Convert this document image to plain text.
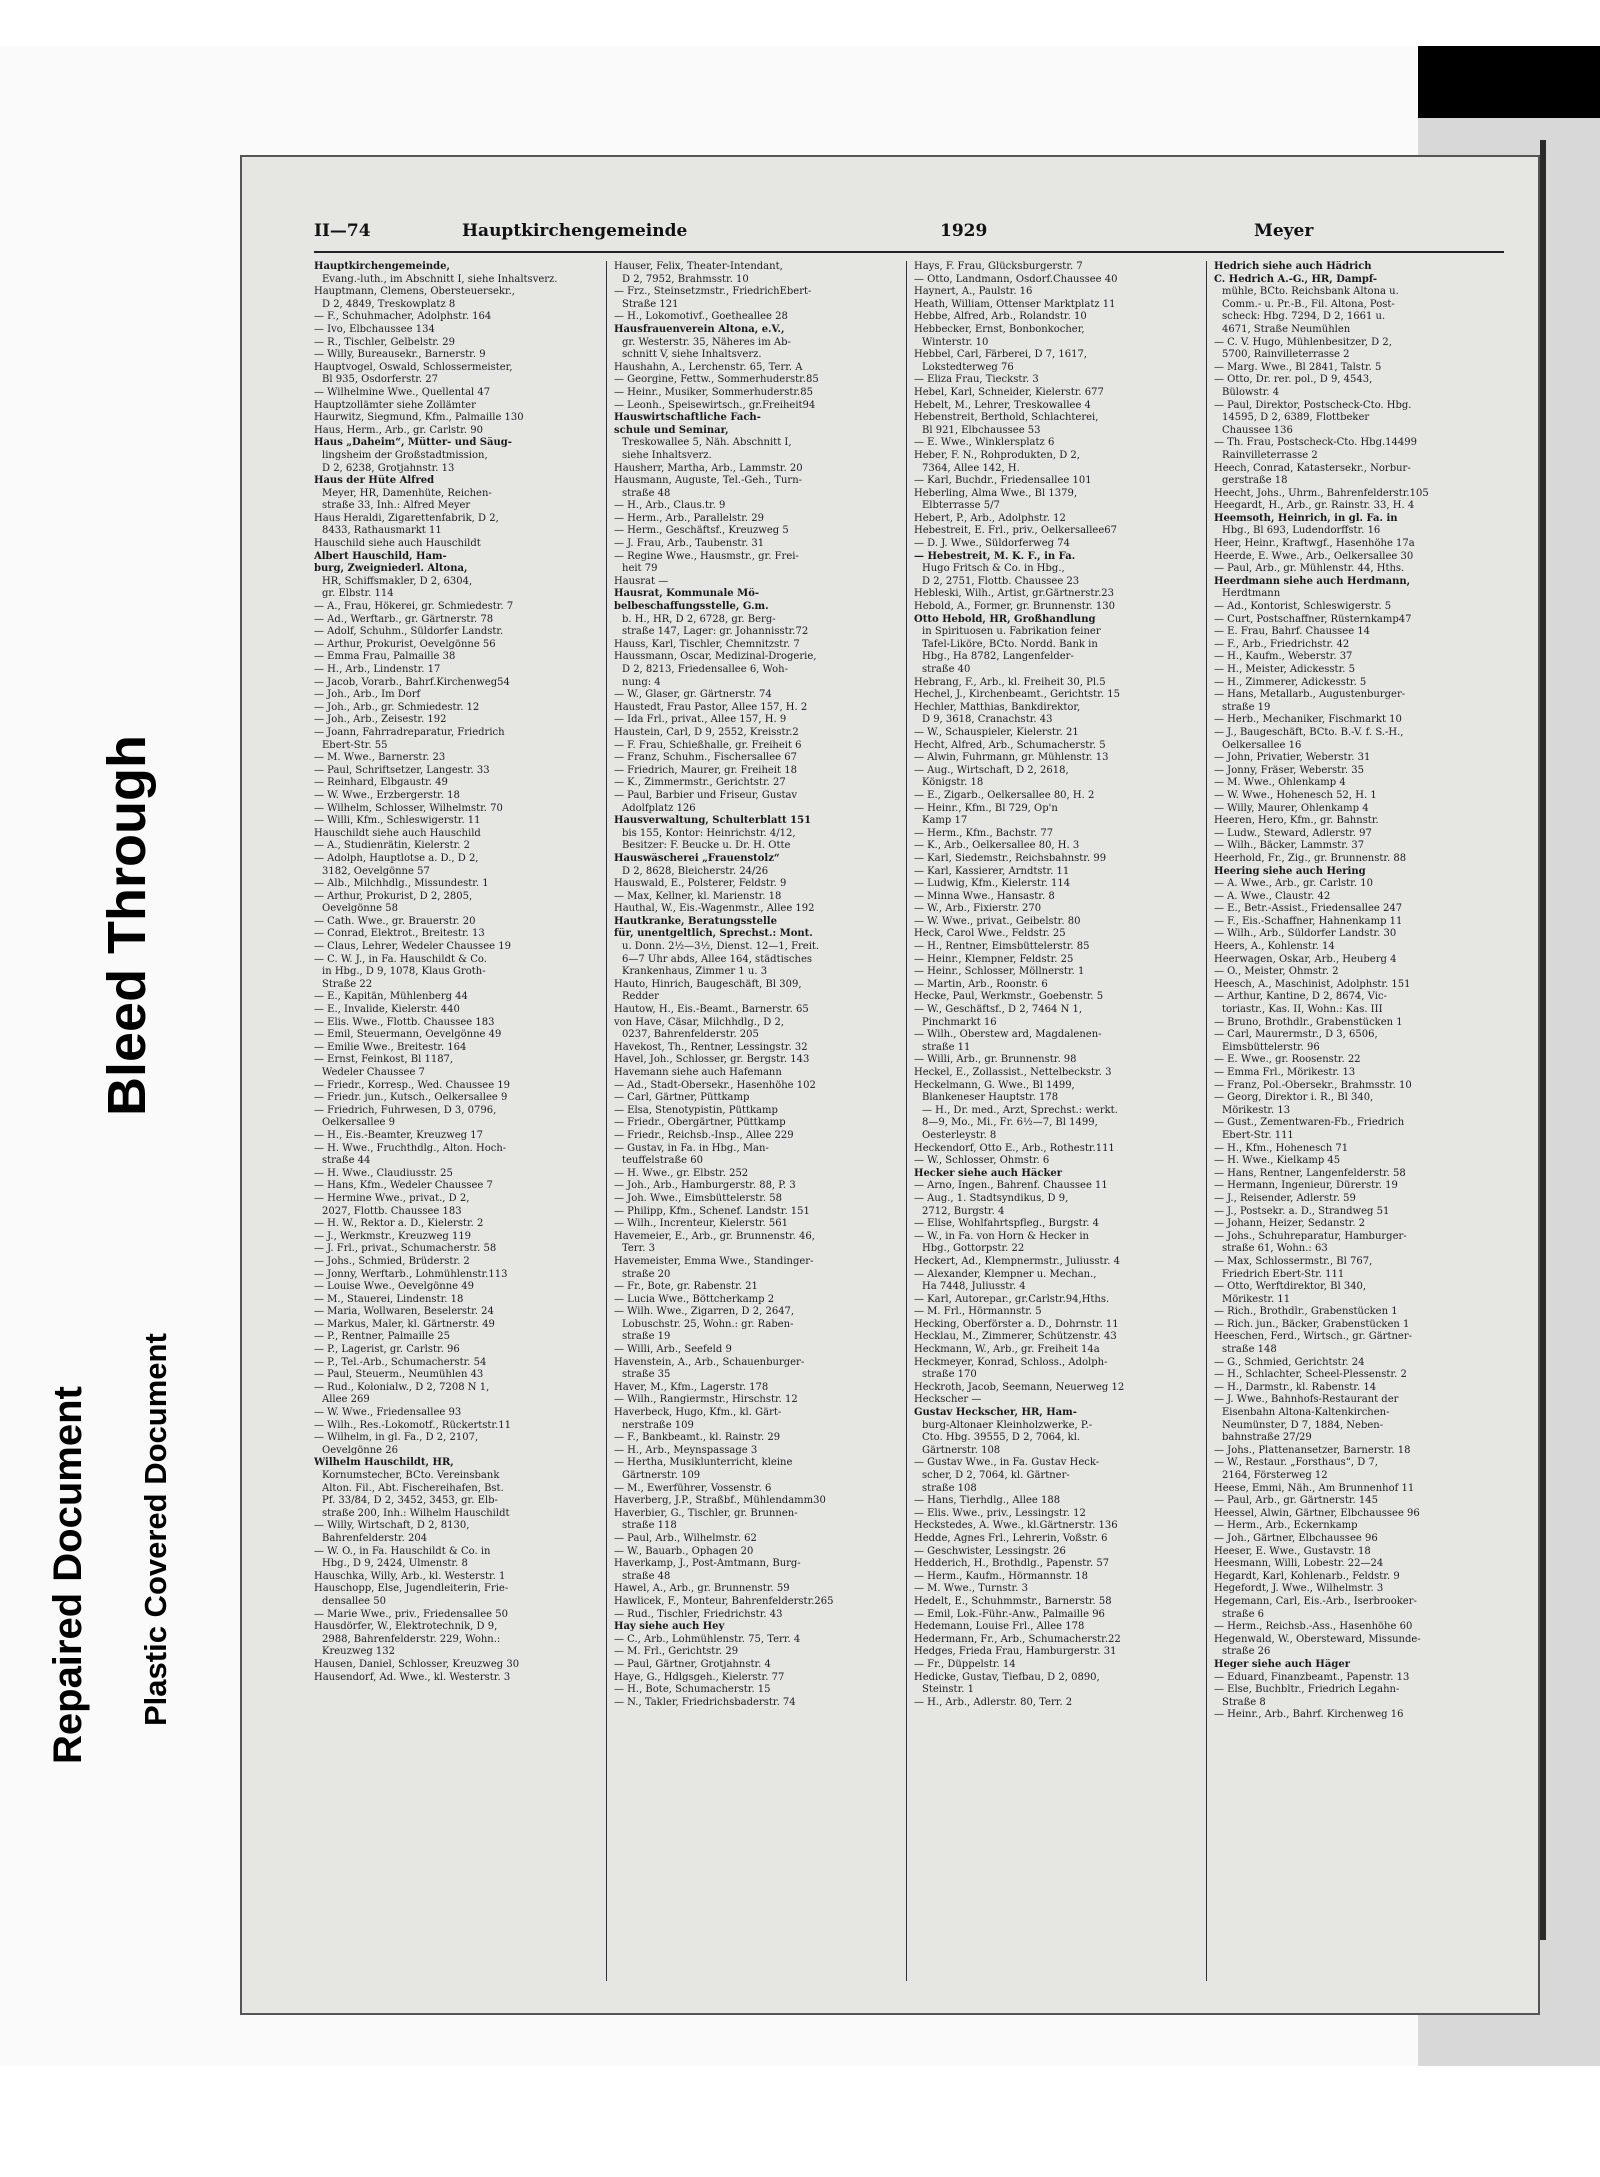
Repaired Document Plastic Covered Document
Bleed Through
II—74	Hauptkirchengemeinde	1929	Meyer
Hauptkirchengemeinde,
Evang.-luth., im Abschnitt I, siehe Inhaltsverz.
Hauptmann, Clemens, Obersteuersekr.,
D 2, 4849, Treskowplatz 8
— F., Schuhmacher, Adolphstr. 164
— Ivo, Elbchaussee 134
— R., Tischler, Gelbelstr. 29
— Willy, Bureausekr., Barnerstr. 9
Hauptvogel, Oswald, Schlossermeister,
Bl 935, Osdorferstr. 27
— Wilhelmine Wwe., Quellental 47
Hauptzollämter siehe Zollämter
Haurwitz, Siegmund, Kfm., Palmaille 130
Haus, Herm., Arb., gr. Carlstr. 90
Haus „Daheim“, Mütter- und Säug-
lingsheim der Großstadtmission,
D 2, 6238, Grotjahnstr. 13
Haus der Hüte Alfred
Meyer, HR, Damenhüte, Reichen-
straße 33, Inh.: Alfred Meyer
Haus Heraldi, Zigarettenfabrik, D 2,
8433, Rathausmarkt 11
Hauschild siehe auch Hauschildt
Albert Hauschild, Ham-
burg, Zweigniederl. Altona,
HR, Schiffsmakler, D 2, 6304,
gr. Elbstr. 114
— A., Frau, Hökerei, gr. Schmiedestr. 7
— Ad., Werftarb., gr. Gärtnerstr. 78
— Adolf, Schuhm., Süldorfer Landstr.
— Arthur, Prokurist, Oevelgönne 56
— Emma Frau, Palmaille 38
— H., Arb., Lindenstr. 17
— Jacob, Vorarb., Bahrf.Kirchenweg54
— Joh., Arb., Im Dorf
— Joh., Arb., gr. Schmiedestr. 12
— Joh., Arb., Zeisestr. 192
— Joann, Fahrradreparatur, Friedrich
Ebert-Str. 55
— M. Wwe., Barnerstr. 23
— Paul, Schriftsetzer, Langestr. 33
— Reinhard, Elbgaustr. 49
— W. Wwe., Erzbergerstr. 18
— Wilhelm, Schlosser, Wilhelmstr. 70
— Willi, Kfm., Schleswigerstr. 11
Hauschildt siehe auch Hauschild
— A., Studienrätin, Kielerstr. 2
— Adolph, Hauptlotse a. D., D 2,
3182, Oevelgönne 57
— Alb., Milchhdlg., Missundestr. 1
— Arthur, Prokurist, D 2, 2805,
Oevelgönne 58
— Cath. Wwe., gr. Brauerstr. 20
— Conrad, Elektrot., Breitestr. 13
— Claus, Lehrer, Wedeler Chaussee 19
— C. W. J., in Fa. Hauschildt & Co.
in Hbg., D 9, 1078, Klaus Groth-
Straße 22
— E., Kapitän, Mühlenberg 44
— E., Invalide, Kielerstr. 440
— Elis. Wwe., Flottb. Chaussee 183
— Emil, Steuermann, Oevelgönne 49
— Emilie Wwe., Breitestr. 164
— Ernst, Feinkost, Bl 1187,
Wedeler Chaussee 7
— Friedr., Korresp., Wed. Chaussee 19
— Friedr. jun., Kutsch., Oelkersallee 9
— Friedrich, Fuhrwesen, D 3, 0796,
Oelkersallee 9
— H., Eis.-Beamter, Kreuzweg 17
— H. Wwe., Fruchthdlg., Alton. Hoch-
straße 44
— H. Wwe., Claudiusstr. 25
— Hans, Kfm., Wedeler Chaussee 7
— Hermine Wwe., privat., D 2,
2027, Flottb. Chaussee 183
— H. W., Rektor a. D., Kielerstr. 2
— J., Werkmstr., Kreuzweg 119
— J. Frl., privat., Schumacherstr. 58
— Johs., Schmied, Brüderstr. 2
— Jonny, Werftarb., Lohmühlenstr.113
— Louise Wwe., Oevelgönne 49
— M., Stauerei, Lindenstr. 18
— Maria, Wollwaren, Beselerstr. 24
— Markus, Maler, kl. Gärtnerstr. 49
— P., Rentner, Palmaille 25
— P., Lagerist, gr. Carlstr. 96
— P., Tel.-Arb., Schumacherstr. 54
— Paul, Steuerm., Neumühlen 43
— Rud., Kolonialw., D 2, 7208 N 1,
Allee 269
— W. Wwe., Friedensallee 93
— Wilh., Res.-Lokomotf., Rückertstr.11
— Wilhelm, in gl. Fa., D 2, 2107,
Oevelgönne 26
Wilhelm Hauschildt, HR,
Kornumstecher, BCto. Vereinsbank
Alton. Fil., Abt. Fischereihafen, Bst.
Pf. 33/84, D 2, 3452, 3453, gr. Elb-
straße 200, Inh.: Wilhelm Hauschildt
— Willy, Wirtschaft, D 2, 8130,
Bahrenfelderstr. 204
— W. O., in Fa. Hauschildt & Co. in
Hbg., D 9, 2424, Ulmenstr. 8
Hauschka, Willy, Arb., kl. Westerstr. 1
Hauschopp, Else, Jugendleiterin, Frie-
densallee 50
— Marie Wwe., priv., Friedensallee 50
Hausdörfer, W., Elektrotechnik, D 9,
2988, Bahrenfelderstr. 229, Wohn.:
Kreuzweg 132
Hausen, Daniel, Schlosser, Kreuzweg 30
Hausendorf, Ad. Wwe., kl. Westerstr. 3
Hauser, Felix, Theater-Intendant,
D 2, 7952, Brahmsstr. 10
— Frz., Steinsetzmstr., FriedrichEbert-
Straße 121
— H., Lokomotivf., Goetheallee 28
Hausfrauenverein Altona, e.V.,
gr. Westerstr. 35, Näheres im Ab-
schnitt V, siehe Inhaltsverz.
Haushahn, A., Lerchenstr. 65, Terr. A
— Georgine, Fettw., Sommerhuderstr.85
— Heinr., Musiker, Sommerhuderstr.85
— Leonh., Speisewirtsch., gr.Freiheit94
Hauswirtschaftliche Fach-
schule und Seminar,
Treskowallee 5, Näh. Abschnitt I,
siehe Inhaltsverz.
Hausherr, Martha, Arb., Lammstr. 20
Hausmann, Auguste, Tel.-Geh., Turn-
straße 48
— H., Arb., Claus.tr. 9
— Herm., Arb., Parallelstr. 29
— Herm., Geschäftsf., Kreuzweg 5
— J. Frau, Arb., Taubenstr. 31
— Regine Wwe., Hausmstr., gr. Frei-
heit 79
Hausrat —
Hausrat, Kommunale Mö-
belbeschaffungsstelle, G.m.
b. H., HR, D 2, 6728, gr. Berg-
straße 147, Lager: gr. Johannisstr.72
Hauss, Karl, Tischler, Chemnitzstr. 7
Haussmann, Oscar, Medizinal-Drogerie,
D 2, 8213, Friedensallee 6, Woh-
nung: 4
— W., Glaser, gr. Gärtnerstr. 74
Haustedt, Frau Pastor, Allee 157, H. 2
— Ida Frl., privat., Allee 157, H. 9
Haustein, Carl, D 9, 2552, Kreisstr.2
— F. Frau, Schießhalle, gr. Freiheit 6
— Franz, Schuhm., Fischersallee 67
— Friedrich, Maurer, gr. Freiheit 18
— K., Zimmermstr., Gerichtstr. 27
— Paul, Barbier und Friseur, Gustav
Adolfplatz 126
Hausverwaltung, Schulterblatt 151
bis 155, Kontor: Heinrichstr. 4/12,
Besitzer: F. Beucke u. Dr. H. Otte
Hauswäscherei „Frauenstolz“
D 2, 8628, Bleicherstr. 24/26
Hauswald, E., Polsterer, Feldstr. 9
— Max, Kellner, kl. Marienstr. 18
Hauthal, W., Eis.-Wagenmstr., Allee 192
Hautkranke, Beratungsstelle
für, unentgeltlich, Sprechst.: Mont.
u. Donn. 2½—3½, Dienst. 12—1, Freit.
6—7 Uhr abds, Allee 164, städtisches
Krankenhaus, Zimmer 1 u. 3
Hauto, Hinrich, Baugeschäft, Bl 309,
Redder
Hautow, H., Eis.-Beamt., Barnerstr. 65
von Have, Cäsar, Milchhdlg., D 2,
0237, Bahrenfelderstr. 205
Havekost, Th., Rentner, Lessingstr. 32
Havel, Joh., Schlosser, gr. Bergstr. 143
Havemann siehe auch Hafemann
— Ad., Stadt-Obersekr., Hasenhöhe 102
— Carl, Gärtner, Püttkamp
— Elsa, Stenotypistin, Püttkamp
— Friedr., Obergärtner, Püttkamp
— Friedr., Reichsb.-Insp., Allee 229
— Gustav, in Fa. in Hbg., Man-
teuffelstraße 60
— H. Wwe., gr. Elbstr. 252
— Joh., Arb., Hamburgerstr. 88, P. 3
— Joh. Wwe., Eimsbüttelerstr. 58
— Philipp, Kfm., Schenef. Landstr. 151
— Wilh., Increnteur, Kielerstr. 561
Havemeier, E., Arb., gr. Brunnenstr. 46,
Terr. 3
Havemeister, Emma Wwe., Standinger-
straße 20
— Fr., Bote, gr. Rabenstr. 21
— Lucia Wwe., Böttcherkamp 2
— Wilh. Wwe., Zigarren, D 2, 2647,
Lobuschstr. 25, Wohn.: gr. Raben-
straße 19
— Willi, Arb., Seefeld 9
Havenstein, A., Arb., Schauenburger-
straße 35
Haver, M., Kfm., Lagerstr. 178
— Wilh., Rangiermstr., Hirschstr. 12
Haverbeck, Hugo, Kfm., kl. Gärt-
nerstraße 109
— F., Bankbeamt., kl. Rainstr. 29
— H., Arb., Meynspassage 3
— Hertha, Musiklunterricht, kleine
Gärtnerstr. 109
— M., Ewerführer, Vossenstr. 6
Haverberg, J.P., Straßbf., Mühlendamm30
Haverbier, G., Tischler, gr. Brunnen-
straße 118
— Paul, Arb., Wilhelmstr. 62
— W., Bauarb., Ophagen 20
Haverkamp, J., Post-Amtmann, Burg-
straße 48
Hawel, A., Arb., gr. Brunnenstr. 59
Hawlicek, F., Monteur, Bahrenfelderstr.265
— Rud., Tischler, Friedrichstr. 43
Hay siehe auch Hey
— C., Arb., Lohmühlenstr. 75, Terr. 4
— M. Frl., Gerichtstr. 29
— Paul, Gärtner, Grotjahnstr. 4
Haye, G., Hdlgsgeh., Kielerstr. 77
— H., Bote, Schumacherstr. 15
— N., Takler, Friedrichsbaderstr. 74
Hays, F. Frau, Glücksburgerstr. 7
— Otto, Landmann, Osdorf.Chaussee 40
Haynert, A., Paulstr. 16
Heath, William, Ottenser Marktplatz 11
Hebbe, Alfred, Arb., Rolandstr. 10
Hebbecker, Ernst, Bonbonkocher,
Winterstr. 10
Hebbel, Carl, Färberei, D 7, 1617,
Lokstedterweg 76
— Eliza Frau, Tieckstr. 3
Hebel, Karl, Schneider, Kielerstr. 677
Hebelt, M., Lehrer, Treskowallee 4
Hebenstreit, Berthold, Schlachterei,
Bl 921, Elbchaussee 53
— E. Wwe., Winklersplatz 6
Heber, F. N., Rohprodukten, D 2,
7364, Allee 142, H.
— Karl, Buchdr., Friedensallee 101
Heberling, Alma Wwe., Bl 1379,
Elbterrasse 5/7
Hebert, P., Arb., Adolphstr. 12
Hebestreit, E. Frl., priv., Oelkersallee67
— D. J. Wwe., Süldorferweg 74
— Hebestreit, M. K. F., in Fa.
Hugo Fritsch & Co. in Hbg.,
D 2, 2751, Flottb. Chaussee 23
Hebleski, Wilh., Artist, gr.Gärtnerstr.23
Hebold, A., Former, gr. Brunnenstr. 130
Otto Hebold, HR, Großhandlung
in Spirituosen u. Fabrikation feiner
Tafel-Liköre, BCto. Nordd. Bank in
Hbg., Ha 8782, Langenfelder-
straße 40
Hebrang, F., Arb., kl. Freiheit 30, Pl.5
Hechel, J., Kirchenbeamt., Gerichtstr. 15
Hechler, Matthias, Bankdirektor,
D 9, 3618, Cranachstr. 43
— W., Schauspieler, Kielerstr. 21
Hecht, Alfred, Arb., Schumacherstr. 5
— Alwin, Fuhrmann, gr. Mühlenstr. 13
— Aug., Wirtschaft, D 2, 2618,
Königstr. 18
— E., Zigarb., Oelkersallee 80, H. 2
— Heinr., Kfm., Bl 729, Op'n
Kamp 17
— Herm., Kfm., Bachstr. 77
— K., Arb., Oelkersallee 80, H. 3
— Karl, Siedemstr., Reichsbahnstr. 99
— Karl, Kassierer, Arndtstr. 11
— Ludwig, Kfm., Kielerstr. 114
— Minna Wwe., Hansastr. 8
— W., Arb., Fixierstr. 270
— W. Wwe., privat., Geibelstr. 80
Heck, Carol Wwe., Feldstr. 25
— H., Rentner, Eimsbüttelerstr. 85
— Heinr., Klempner, Feldstr. 25
— Heinr., Schlosser, Möllnerstr. 1
— Martin, Arb., Roonstr. 6
Hecke, Paul, Werkmstr., Goebenstr. 5
— W., Geschäftsf., D 2, 7464 N 1,
Pinchmarkt 16
— Wilh., Oberstew ard, Magdalenen-
straße 11
— Willi, Arb., gr. Brunnenstr. 98
Heckel, E., Zollassist., Nettelbeckstr. 3
Heckelmann, G. Wwe., Bl 1499,
Blankeneser Hauptstr. 178
— H., Dr. med., Arzt, Sprechst.: werkt.
8—9, Mo., Mi., Fr. 6½—7, Bl 1499,
Oesterleystr. 8
Heckendorf, Otto E., Arb., Rothestr.111
— W., Schlosser, Ohmstr. 6
Hecker siehe auch Häcker
— Arno, Ingen., Bahrenf. Chaussee 11
— Aug., 1. Stadtsyndikus, D 9,
2712, Burgstr. 4
— Elise, Wohlfahrtspfleg., Burgstr. 4
— W., in Fa. von Horn & Hecker in
Hbg., Gottorpstr. 22
Heckert, Ad., Klempnermstr., Juliusstr. 4
— Alexander, Klempner u. Mechan.,
Ha 7448, Juliusstr. 4
— Karl, Autorepar., gr.Carlstr.94,Hths.
— M. Frl., Hörmannstr. 5
Hecking, Oberförster a. D., Dohrnstr. 11
Hecklau, M., Zimmerer, Schützenstr. 43
Heckmann, W., Arb., gr. Freiheit 14a
Heckmeyer, Konrad, Schloss., Adolph-
straße 170
Heckroth, Jacob, Seemann, Neuerweg 12
Heckscher —
Gustav Heckscher, HR, Ham-
burg-Altonaer Kleinholzwerke, P.-
Cto. Hbg. 39555, D 2, 7064, kl.
Gärtnerstr. 108
— Gustav Wwe., in Fa. Gustav Heck-
scher, D 2, 7064, kl. Gärtner-
straße 108
— Hans, Tierhdlg., Allee 188
— Elis. Wwe., priv., Lessingstr. 12
Heckstedes, A. Wwe., kl.Gärtnerstr. 136
Hedde, Agnes Frl., Lehrerin, Voßstr. 6
— Geschwister, Lessingstr. 26
Hedderich, H., Brothdlg., Papenstr. 57
— Herm., Kaufm., Hörmannstr. 18
— M. Wwe., Turnstr. 3
Hedelt, E., Schuhmmstr., Barnerstr. 58
— Emil, Lok.-Führ.-Anw., Palmaille 96
Hedemann, Louise Frl., Allee 178
Hedermann, Fr., Arb., Schumacherstr.22
Hedges, Frieda Frau, Hamburgerstr. 31
— Fr., Düppelstr. 14
Hedicke, Gustav, Tiefbau, D 2, 0890,
Steinstr. 1
— H., Arb., Adlerstr. 80, Terr. 2
Hedrich siehe auch Hädrich
C. Hedrich A.-G., HR, Dampf-
mühle, BCto. Reichsbank Altona u.
Comm.- u. Pr.-B., Fil. Altona, Post-
scheck: Hbg. 7294, D 2, 1661 u.
4671, Straße Neumühlen
— C. V. Hugo, Mühlenbesitzer, D 2,
5700, Rainvilleterrasse 2
— Marg. Wwe., Bl 2841, Talstr. 5
— Otto, Dr. rer. pol., D 9, 4543,
Bülowstr. 4
— Paul, Direktor, Postscheck-Cto. Hbg.
14595, D 2, 6389, Flottbeker
Chaussee 136
— Th. Frau, Postscheck-Cto. Hbg.14499
Rainvilleterrasse 2
Heech, Conrad, Katastersekr., Norbur-
gerstraße 18
Heecht, Johs., Uhrm., Bahrenfelderstr.105
Heegardt, H., Arb., gr. Rainstr. 33, H. 4
Heemsoth, Heinrich, in gl. Fa. in
Hbg., Bl 693, Ludendorffstr. 16
Heer, Heinr., Kraftwgf., Hasenhöhe 17a
Heerde, E. Wwe., Arb., Oelkersallee 30
— Paul, Arb., gr. Mühlenstr. 44, Hths.
Heerdmann siehe auch Herdmann,
Herdtmann
— Ad., Kontorist, Schleswigerstr. 5
— Curt, Postschaffner, Rüsternkamp47
— E. Frau, Bahrf. Chaussee 14
— F., Arb., Friedrichstr. 42
— H., Kaufm., Weberstr. 37
— H., Meister, Adickesstr. 5
— H., Zimmerer, Adickesstr. 5
— Hans, Metallarb., Augustenburger-
straße 19
— Herb., Mechaniker, Fischmarkt 10
— J., Baugeschäft, BCto. B.-V. f. S.-H.,
Oelkersallee 16
— John, Privatier, Weberstr. 31
— Jonny, Fräser, Weberstr. 35
— M. Wwe., Ohlenkamp 4
— W. Wwe., Hohenesch 52, H. 1
— Willy, Maurer, Ohlenkamp 4
Heeren, Hero, Kfm., gr. Bahnstr.
— Ludw., Steward, Adlerstr. 97
— Wilh., Bäcker, Lammstr. 37
Heerhold, Fr., Zig., gr. Brunnenstr. 88
Heering siehe auch Hering
— A. Wwe., Arb., gr. Carlstr. 10
— A. Wwe., Claustr. 42
— E., Betr.-Assist., Friedensallee 247
— F., Eis.-Schaffner, Hahnenkamp 11
— Wilh., Arb., Süldorfer Landstr. 30
Heers, A., Kohlenstr. 14
Heerwagen, Oskar, Arb., Heuberg 4
— O., Meister, Ohmstr. 2
Heesch, A., Maschinist, Adolphstr. 151
— Arthur, Kantine, D 2, 8674, Vic-
toriastr., Kas. II, Wohn.: Kas. III
— Bruno, Brothdlr., Grabenstücken 1
— Carl, Maurermstr., D 3, 6506,
Eimsbüttelerstr. 96
— E. Wwe., gr. Roosenstr. 22
— Emma Frl., Mörikestr. 13
— Franz, Pol.-Obersekr., Brahmsstr. 10
— Georg, Direktor i. R., Bl 340,
Mörikestr. 13
— Gust., Zementwaren-Fb., Friedrich
Ebert-Str. 111
— H., Kfm., Hohenesch 71
— H. Wwe., Kielkamp 45
— Hans, Rentner, Langenfelderstr. 58
— Hermann, Ingenieur, Dürerstr. 19
— J., Reisender, Adlerstr. 59
— J., Postsekr. a. D., Strandweg 51
— Johann, Heizer, Sedanstr. 2
— Johs., Schuhreparatur, Hamburger-
straße 61, Wohn.: 63
— Max, Schlossermstr., Bl 767,
Friedrich Ebert-Str. 111
— Otto, Werftdirektor, Bl 340,
Mörikestr. 11
— Rich., Brothdlr., Grabenstücken 1
— Rich. jun., Bäcker, Grabenstücken 1
Heeschen, Ferd., Wirtsch., gr. Gärtner-
straße 148
— G., Schmied, Gerichtstr. 24
— H., Schlachter, Scheel-Plessenstr. 2
— H., Darmstr., kl. Rabenstr. 14
— J. Wwe., Bahnhofs-Restaurant der
Eisenbahn Altona-Kaltenkirchen-
Neumünster, D 7, 1884, Neben-
bahnstraße 27/29
— Johs., Plattenansetzer, Barnerstr. 18
— W., Restaur. „Forsthaus“, D 7,
2164, Försterweg 12
Heese, Emmi, Näh., Am Brunnenhof 11
— Paul, Arb., gr. Gärtnerstr. 145
Heessel, Alwin, Gärtner, Elbchaussee 96
— Herm., Arb., Eckernkamp
— Joh., Gärtner, Elbchaussee 96
Heeser, E. Wwe., Gustavstr. 18
Heesmann, Willi, Lobestr. 22—24
Hegardt, Karl, Kohlenarb., Feldstr. 9
Hegefordt, J. Wwe., Wilhelmstr. 3
Hegemann, Carl, Eis.-Arb., Iserbrooker-
straße 6
— Herm., Reichsb.-Ass., Hasenhöhe 60
Hegenwald, W., Obersteward, Missunde-
straße 26
Heger siehe auch Häger
— Eduard, Finanzbeamt., Papenstr. 13
— Else, Buchbltr., Friedrich Legahn-
Straße 8
— Heinr., Arb., Bahrf. Kirchenweg 16
